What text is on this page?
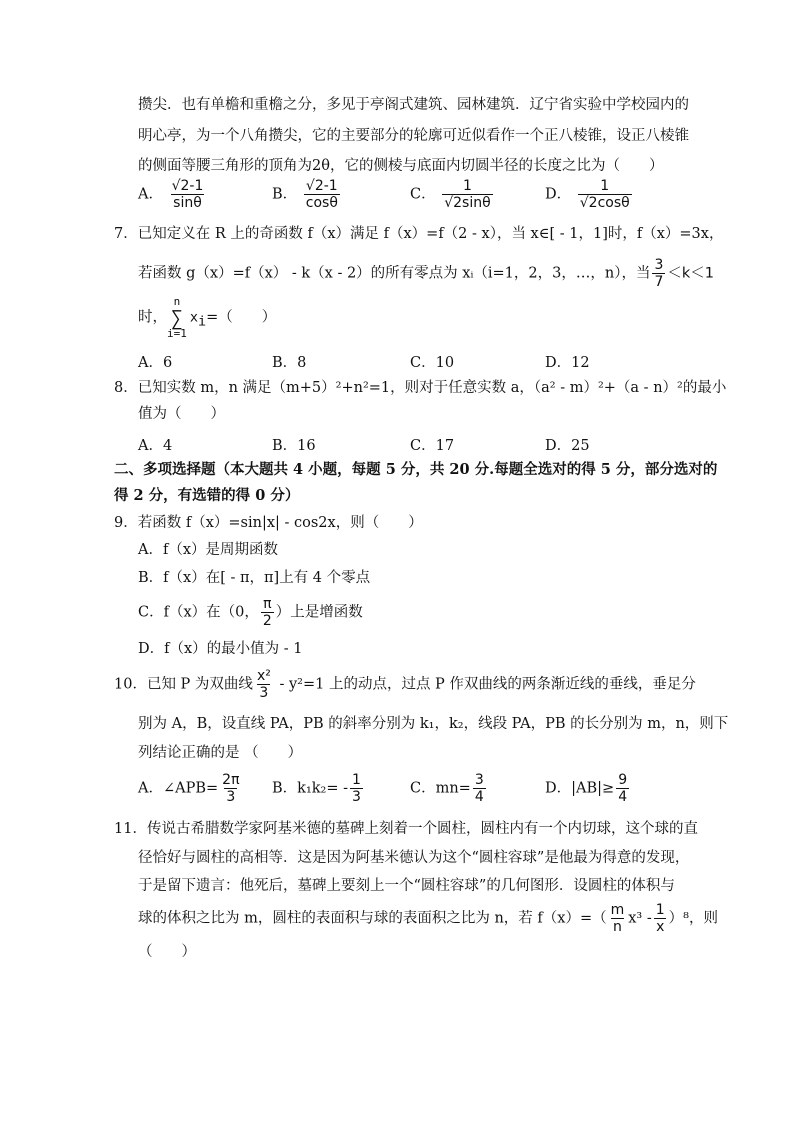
攒尖．也有单檐和重檐之分，多见于亭阁式建筑、园林建筑．辽宁省实验中学校园内的
明心亭，为一个八角攒尖，它的主要部分的轮廓可近似看作一个正八棱锥，设正八棱锥
的侧面等腰三角形的顶角为2θ，它的侧棱与底面内切圆半径的长度之比为（　　）
A． $\frac{√2-1}{\sin\theta}$	B． $\frac{√2-1}{\cos\theta}$	C． $\frac{1}{√2\sin\theta}$	D． $\frac{1}{√2\cos\theta}$
7．已知定义在 R 上的奇函数 f（x）满足 f（x）=f（2 - x），当 x∈[ - 1，1]时，f（x）=3x，
若函数 g（x）=f（x） - k（x - 2）的所有零点为 xᵢ（i=1，2，3，…，n），当 $\frac{3}{7} <k<1$
时，
n
∑
i=1
$x_i=$（　　）
A．6	B．8	C．10	D．12
8．已知实数 m，n 满足（m+5）²+n²=1，则对于任意实数 a，（a² - m）²+（a - n）²的最小
值为（　　）
A．4	B．16	C．17	D．25
二、多项选择题（本大题共 4 小题，每题 5 分，共 20 分.每题全选对的得 5 分，部分选对的
得 2 分，有选错的得 0 分）
9．若函数 f（x）=sin|x| - cos2x，则（　　）
A．f（x）是周期函数
B．f（x）在[ - π，π]上有 4 个零点
C．f（x）在（0， $\frac{\pi}{2}$ ）上是增函数
D．f（x）的最小值为 - 1
10．已知 P 为双曲线 $\frac{\text{x²}}{3} - y^2=1$ 上的动点，过点 P 作双曲线的两条渐近线的垂线，垂足分
别为 A，B，设直线 PA，PB 的斜率分别为 k₁，k₂，线段 PA，PB 的长分别为 m，n，则下
列结论正确的是 （　　）
A．∠APB= $\frac{2\pi}{3}$ B．$k_1k_2= - \frac{1}{3}$	C．$mn= \frac{3}{4}$	D．$|AB|\ge \frac{9}{4}$
11．传说古希腊数学家阿基米德的墓碑上刻着一个圆柱，圆柱内有一个内切球，这个球的直
径恰好与圆柱的高相等．这是因为阿基米德认为这个“圆柱容球”是他最为得意的发现，
于是留下遗言：他死后，墓碑上要刻上一个“圆柱容球”的几何图形．设圆柱的体积与
球的体积之比为 m，圆柱的表面积与球的表面积之比为 n，若 $f(x)=( \frac{m}{n} x^3 - \frac{1}{x} )^8$，则
（　　）
